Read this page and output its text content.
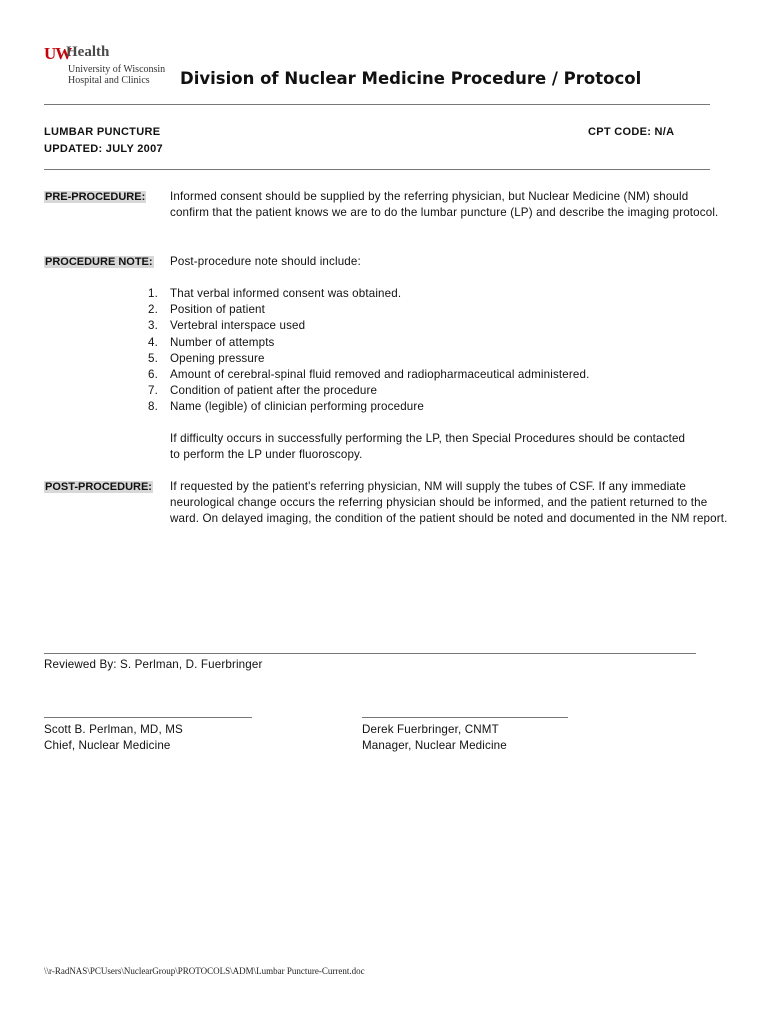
UW
Health
University of Wisconsin
Hospital and Clinics Division of Nuclear Medicine Procedure / Protocol
LUMBAR PUNCTURE
UPDATED: JULY 2007
CPT CODE: N/A
PRE-PROCEDURE: Informed consent should be supplied by the referring physician, but Nuclear Medicine (NM) should confirm that the patient knows we are to do the lumbar puncture (LP) and describe the imaging protocol.
PROCEDURE NOTE: Post-procedure note should include:
1. That verbal informed consent was obtained.
2. Position of patient
3. Vertebral interspace used
4. Number of attempts
5. Opening pressure
6. Amount of cerebral-spinal fluid removed and radiopharmaceutical administered.
7. Condition of patient after the procedure
8. Name (legible) of clinician performing procedure
If difficulty occurs in successfully performing the LP, then Special Procedures should be contacted to perform the LP under fluoroscopy.
POST-PROCEDURE: If requested by the patient's referring physician, NM will supply the tubes of CSF. If any immediate neurological change occurs the referring physician should be informed, and the patient returned to the ward. On delayed imaging, the condition of the patient should be noted and documented in the NM report.
Reviewed By: S. Perlman, D. Fuerbringer
Scott B. Perlman, MD, MS
Chief, Nuclear Medicine
Derek Fuerbringer, CNMT
Manager, Nuclear Medicine
\\r-RadNAS\PCUsers\NuclearGroup\PROTOCOLS\ADM\Lumbar Puncture-Current.doc
